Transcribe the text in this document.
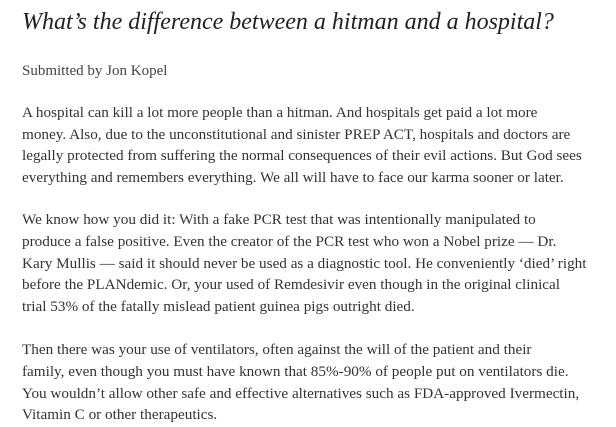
What’s the difference between a hitman and a hospital?

Submitted by Jon Kopel

A hospital can kill a lot more people than a hitman. And hospitals get paid a lot more
money. Also, due to the unconstitutional and sinister PREP ACT, hospitals and doctors are
legally protected from suffering the normal consequences of their evil actions. But God sees
everything and remembers everything. We all will have to face our karma sooner or later.

We know how you did it: With a fake PCR test that was intentionally manipulated to
produce a false positive. Even the creator of the PCR test who won a Nobel prize — Dr.
Kary Mullis — said it should never be used as a diagnostic tool. He conveniently ‘died’ right
before the PLANdemic. Or, your used of Remdesivir even though in the original clinical
trial 53% of the fatally mislead patient guinea pigs outright died.

Then there was your use of ventilators, often against the will of the patient and their
family, even though you must have known that 85%-90% of people put on ventilators die.
You wouldn’t allow other safe and effective alternatives such as FDA-approved Ivermectin,
Vitamin C or other therapeutics.
